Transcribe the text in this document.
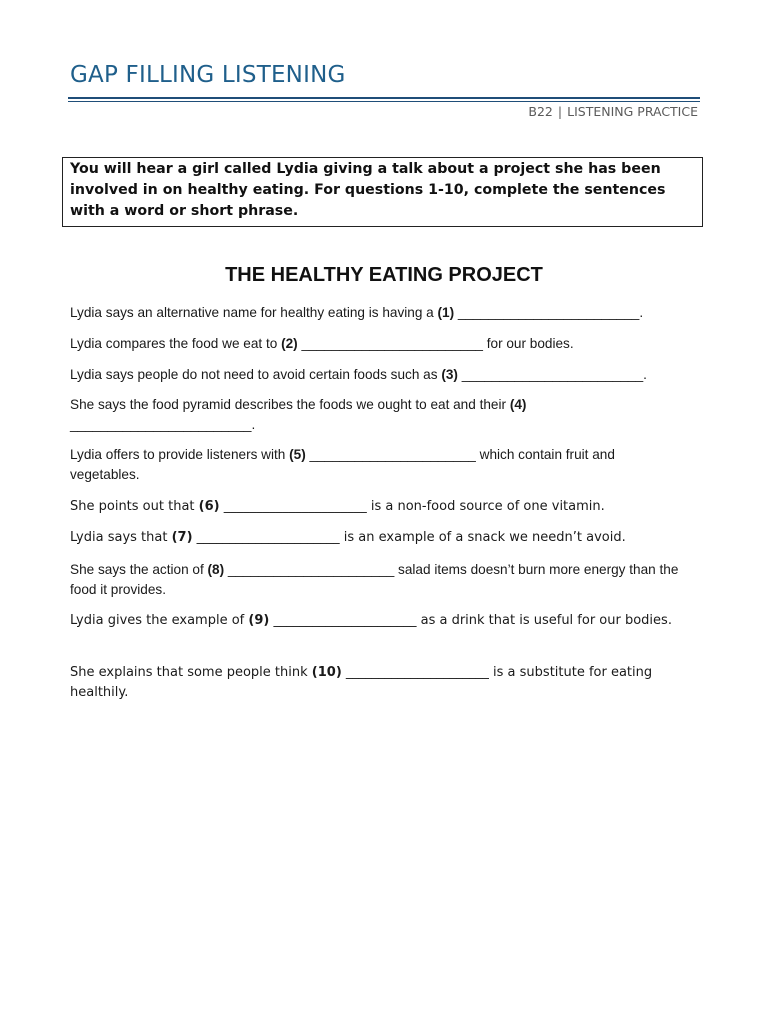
GAP FILLING LISTENING
B22 | LISTENING PRACTICE
You will hear a girl called Lydia giving a talk about a project she has been involved in on healthy eating. For questions 1-10, complete the sentences with a word or short phrase.
THE HEALTHY EATING PROJECT
Lydia says an alternative name for healthy eating is having a (1) ________________________.
Lydia compares the food we eat to (2) ________________________ for our bodies.
Lydia says people do not need to avoid certain foods such as (3) ________________________.
She says the food pyramid describes the foods we ought to eat and their (4) ________________________.
Lydia offers to provide listeners with (5) ______________________ which contain fruit and vegetables.
She points out that (6) ______________________ is a non-food source of one vitamin.
Lydia says that (7) ______________________ is an example of a snack we needn’t avoid.
She says the action of (8) ______________________ salad items doesn’t burn more energy than the food it provides.
Lydia gives the example of (9) ______________________ as a drink that is useful for our bodies.
She explains that some people think (10) ______________________ is a substitute for eating healthily.
